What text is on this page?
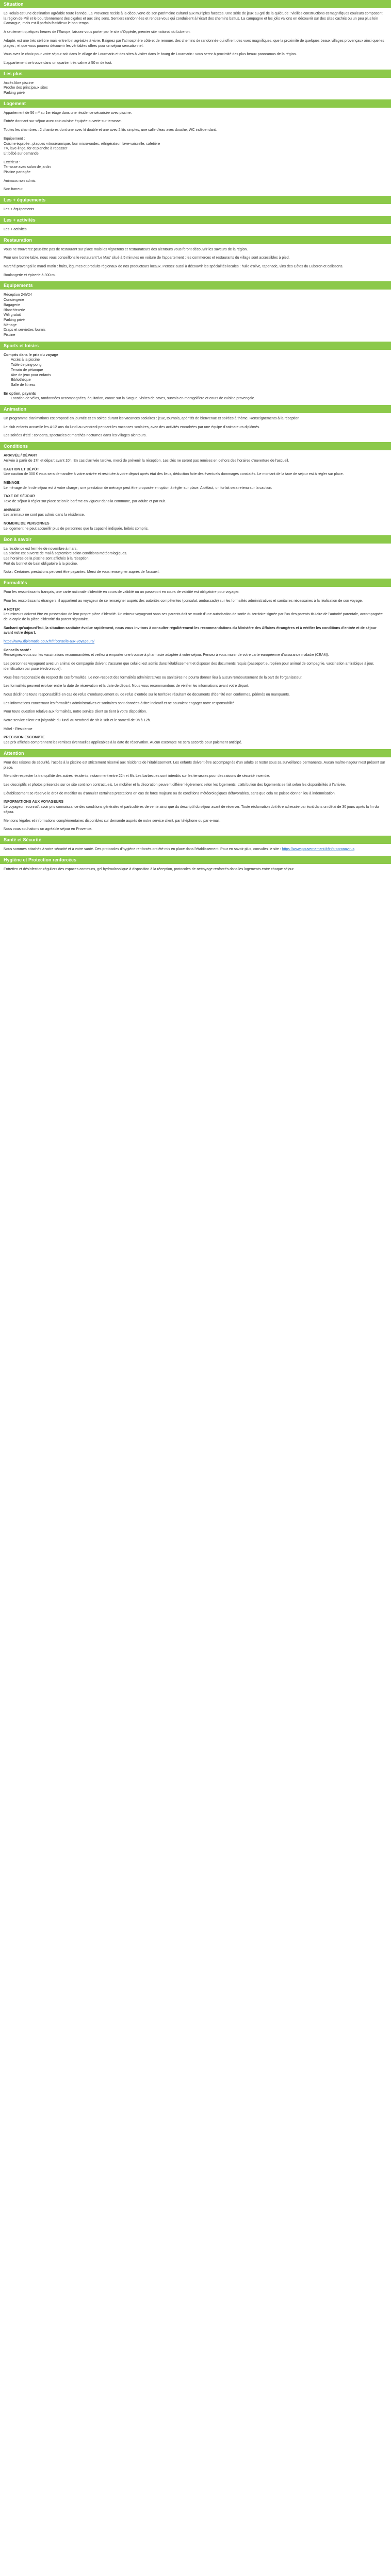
Situation

Le Relais est une destination agréable toute l'année. La Provence recèle à la découverte de son patrimoine culturel aux multiples facettes. Une série de jeux au gré de la quiétude : vieilles constructions et magnifiques couleurs composent la région de Pril et le bourdonnement des cigales et aux cinq sens. Sentiers randonnées et rendez-vous qui conduisent à l'écart des chemins battus. La campagne et les jolis vallons en découvrir sur des sites cachés ou un peu plus loin Camargue, mais est-il parfois fastidieux le bon temps.

A seulement quelques heures de l'Europe, laissez-vous porter par le site d'Oppède, premier site national du Luberon.

Adapté, est une très célèbre mais entre loin agréable à vivre. Baignez par l'atmosphère côté et de renouer, des chemins de randonnée qui offrent des vues magnifiques, que la proximité de quelques beaux villages provençaux ainsi que les plages ; et que vous pourrez découvrir les véritables offres pour un séjour sensationnel.

Vous avez le choix pour votre séjour soit dans le village de Lourmarin et des sites à visiter dans le bourg de Lourmarin : vous serez à proximité des plus beaux panoramas de la région.

L'appartement se trouve dans un quartier très calme à 50 m de tout.

Les plus
Accès libre piscine
Proche des principaux sites
Parking privé
Logement

Appartement de 56 m² au 1er étage dans une résidence sécurisée avec piscine.

Entrée donnant sur séjour avec coin cuisine équipée ouverte sur terrasse.

Toutes les chambres : 2 chambres dont une avec lit double et une avec 2 lits simples, une salle d'eau avec douche, WC indépendant.

Equipement :
Cuisine équipée : plaques vitrocéramique, four micro-ondes, réfrigérateur, lave-vaisselle, cafetière
TV, lave-linge, fer et planche à repasser
Lit bébé sur demande
Extérieur :
Terrasse avec salon de jardin
Piscine partagée

Animaux non admis.

Non fumeur.

Les + équipements

Les + équipements

Les + activités

Les + activités

Restauration

Vous ne trouverez peut-être pas de restaurant sur place mais les vignerons et restaurateurs des alentours vous feront découvrir les saveurs de la région.

Pour une bonne table, nous vous conseillons le restaurant 'Le Mas' situé à 5 minutes en voiture de l'appartement ; les commerces et restaurants du village sont accessibles à pied.

Marché provençal le mardi matin : fruits, légumes et produits régionaux de nos producteurs locaux. Pensez aussi à découvrir les spécialités locales : huile d'olive, tapenade, vins des Côtes du Luberon et calissons.

Boulangerie et épicerie à 300 m.

Equipements
Réception 24h/24
Conciergerie
Bagagerie
Blanchisserie
Wifi gratuit
Parking privé
Ménage
Draps et serviettes fournis
Piscine
Sports et loisirs
Compris dans le prix du voyage
Accès à la piscine
Table de ping-pong
Terrain de pétanque
Aire de jeux pour enfants
Bibliothèque
Salle de fitness
En option, payants

Location de vélos, randonnées accompagnées, équitation, canoë sur la Sorgue, visites de caves, survols en montgolfière et cours de cuisine provençale.

Animation

Un programme d'animations est proposé en journée et en soirée durant les vacances scolaires : jeux, tournois, apéritifs de bienvenue et soirées à thème. Renseignements à la réception.

Le club enfants accueille les 4-12 ans du lundi au vendredi pendant les vacances scolaires, avec des activités encadrées par une équipe d'animateurs diplômés.

Les soirées d'été : concerts, spectacles et marchés nocturnes dans les villages alentours.

Conditions
ARRIVÉE / DÉPART
Arrivée à partir de 17h et départ avant 10h. En cas d'arrivée tardive, merci de prévenir la réception. Les clés ne seront pas remises en dehors des horaires d'ouverture de l'accueil.
CAUTION ET DÉPÔT
Une caution de 300 € vous sera demandée à votre arrivée et restituée à votre départ après état des lieux, déduction faite des éventuels dommages constatés. Le montant de la taxe de séjour est à régler sur place.
MÉNAGE
Le ménage de fin de séjour est à votre charge ; une prestation de ménage peut être proposée en option à régler sur place. A défaut, un forfait sera retenu sur la caution.
TAXE DE SÉJOUR
Taxe de séjour à régler sur place selon le barème en vigueur dans la commune, par adulte et par nuit.
ANIMAUX
Les animaux ne sont pas admis dans la résidence.
NOMBRE DE PERSONNES
Le logement ne peut accueillir plus de personnes que la capacité indiquée, bébés compris.
Bon à savoir
La résidence est fermée de novembre à mars.
La piscine est ouverte de mai à septembre selon conditions météorologiques.
Les horaires de la piscine sont affichés à la réception.
Port du bonnet de bain obligatoire à la piscine.

Nota : Certaines prestations peuvent être payantes. Merci de vous renseigner auprès de l'accueil.

Formalités

Pour les ressortissants français, une carte nationale d'identité en cours de validité ou un passeport en cours de validité est obligatoire pour voyager.

Pour les ressortissants étrangers, il appartient au voyageur de se renseigner auprès des autorités compétentes (consulat, ambassade) sur les formalités administratives et sanitaires nécessaires à la réalisation de son voyage.

A NOTER
Les mineurs doivent être en possession de leur propre pièce d'identité. Un mineur voyageant sans ses parents doit se munir d'une autorisation de sortie du territoire signée par l'un des parents titulaire de l'autorité parentale, accompagnée de la copie de la pièce d'identité du parent signataire.

Sachant qu'aujourd'hui, la situation sanitaire évolue rapidement, nous vous invitons à consulter régulièrement les recommandations du Ministère des Affaires étrangères et à vérifier les conditions d'entrée et de séjour avant votre départ.

https://www.diplomatie.gouv.fr/fr/conseils-aux-voyageurs/

Conseils santé :
Renseignez-vous sur les vaccinations recommandées et veillez à emporter une trousse à pharmacie adaptée à votre séjour. Pensez à vous munir de votre carte européenne d'assurance maladie (CEAM).

Les personnes voyageant avec un animal de compagnie doivent s'assurer que celui-ci est admis dans l'établissement et disposer des documents requis (passeport européen pour animal de compagnie, vaccination antirabique à jour, identification par puce électronique).

Vous êtes responsable du respect de ces formalités. Le non-respect des formalités administratives ou sanitaires ne pourra donner lieu à aucun remboursement de la part de l'organisateur.

Les formalités peuvent évoluer entre la date de réservation et la date de départ. Nous vous recommandons de vérifier les informations avant votre départ.

Nous déclinons toute responsabilité en cas de refus d'embarquement ou de refus d'entrée sur le territoire résultant de documents d'identité non conformes, périmés ou manquants.

Les informations concernant les formalités administratives et sanitaires sont données à titre indicatif et ne sauraient engager notre responsabilité.

Pour toute question relative aux formalités, notre service client se tient à votre disposition.

Notre service client est joignable du lundi au vendredi de 9h à 18h et le samedi de 9h à 12h.

Hôtel - Résidence

PRECISION ESCOMPTE
Les prix affichés comprennent les remises éventuelles applicables à la date de réservation. Aucun escompte ne sera accordé pour paiement anticipé.
Attention

Pour des raisons de sécurité, l'accès à la piscine est strictement réservé aux résidents de l'établissement. Les enfants doivent être accompagnés d'un adulte et rester sous sa surveillance permanente. Aucun maître-nageur n'est présent sur place.

Merci de respecter la tranquillité des autres résidents, notamment entre 22h et 8h. Les barbecues sont interdits sur les terrasses pour des raisons de sécurité incendie.

Les descriptifs et photos présentés sur ce site sont non contractuels. Le mobilier et la décoration peuvent différer légèrement selon les logements. L'attribution des logements se fait selon les disponibilités à l'arrivée.

L'établissement se réserve le droit de modifier ou d'annuler certaines prestations en cas de force majeure ou de conditions météorologiques défavorables, sans que cela ne puisse donner lieu à indemnisation.

INFORMATIONS AUX VOYAGEURS
Le voyageur reconnaît avoir pris connaissance des conditions générales et particulières de vente ainsi que du descriptif du séjour avant de réserver. Toute réclamation doit être adressée par écrit dans un délai de 30 jours après la fin du séjour.

Mentions légales et informations complémentaires disponibles sur demande auprès de notre service client, par téléphone ou par e-mail.

Nous vous souhaitons un agréable séjour en Provence.

Santé et Sécurité

Nous sommes attachés à votre sécurité et à votre santé. Des protocoles d'hygiène renforcés ont été mis en place dans l'établissement. Pour en savoir plus, consultez le site : https://www.gouvernement.fr/info-coronavirus

Hygiène et Protection renforcées

Entretien et désinfection réguliers des espaces communs, gel hydroalcoolique à disposition à la réception, protocoles de nettoyage renforcés dans les logements entre chaque séjour.
